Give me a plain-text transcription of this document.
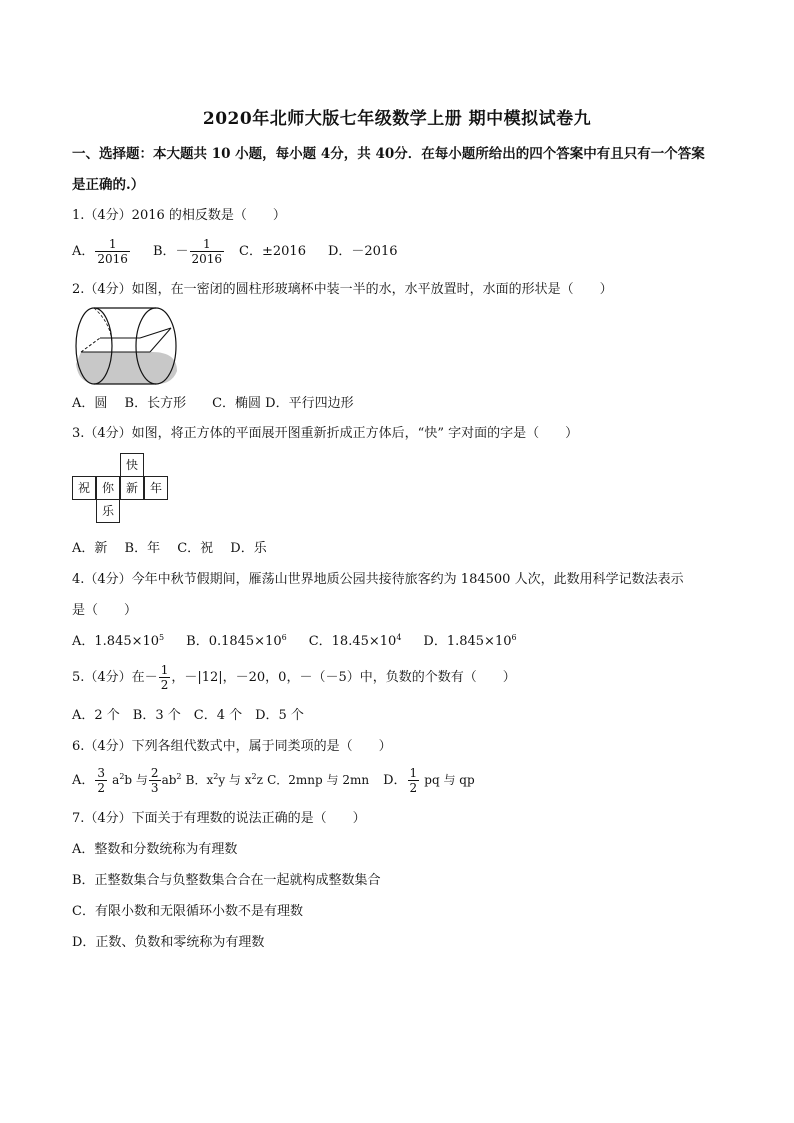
2020年北师大版七年级数学上册 期中模拟试卷九
一、选择题：本大题共 10 小题，每小题 4分，共 40分．在每小题所给出的四个答案中有且只有一个答案
是正确的.）
1.（4分）2016 的相反数是（　　）
A． $\frac{1}{2016}$ B．－ $\frac{1}{2016}$ C．±2016 D．－2016
2.（4分）如图，在一密闭的圆柱形玻璃杯中装一半的水，水平放置时，水面的形状是（　　）
A．圆　 B．长方形　　C．椭圆 D．平行四边形
3.（4分）如图，将正方体的平面展开图重新折成正方体后，“快” 字对面的字是（　　）
快
祝 你 新 年
乐
A．新　 B．年　 C．祝　 D．乐
4.（4分）今年中秋节假期间，雁荡山世界地质公园共接待旅客约为 184500 人次，此数用科学记数法表示
是（　　）
A．$1.845\times 10^5$ B．$0.1845\times 10^6$ C．$18.45\times 10^4$ D．$1.845\times 10^6$
5.（4分）在－ $\frac{1}{2}$ ，－|12|，－20，0，－（－5）中，负数的个数有（　　）
A．2 个　B．3 个　C．4 个　D．5 个
6.（4分）下列各组代数式中，属于同类项的是（　　）
A． $\frac{3}{2} a^2b$ 与 $\frac{2}{3} ab^2$ B．$x^2y$ 与 $x^2z$ C．2mnp 与 2mn D． $\frac{1}{2}$ pq 与 qp
7.（4分）下面关于有理数的说法正确的是（　　）
A．整数和分数统称为有理数
B．正整数集合与负整数集合合在一起就构成整数集合
C．有限小数和无限循环小数不是有理数
D．正数、负数和零统称为有理数
